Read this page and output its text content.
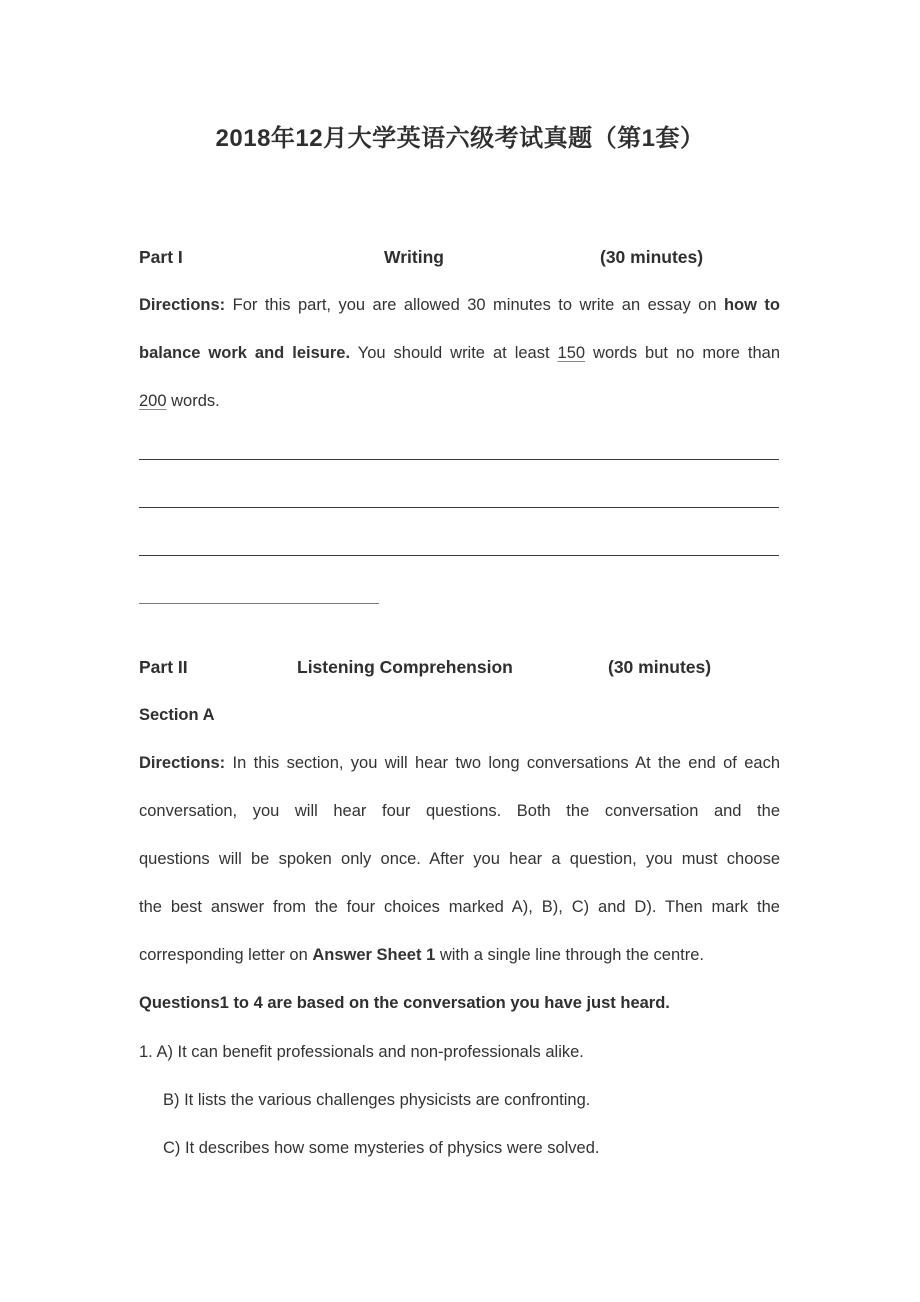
2018年12月大学英语六级考试真题（第1套）
Part I	Writing	(30 minutes)
Directions: For this part, you are allowed 30 minutes to write an essay on how to
balance work and leisure. You should write at least 150 words but no more than
200 words.
Part II	Listening Comprehension	(30 minutes)
Section A
Directions: In this section, you will hear two long conversations At the end of each
conversation, you will hear four questions. Both the conversation and the
questions will be spoken only once. After you hear a question, you must choose
the best answer from the four choices marked A), B), C) and D). Then mark the
corresponding letter on Answer Sheet 1 with a single line through the centre.
Questions1 to 4 are based on the conversation you have just heard.
1. A) It can benefit professionals and non-professionals alike.
B) It lists the various challenges physicists are confronting.
C) It describes how some mysteries of physics were solved.
